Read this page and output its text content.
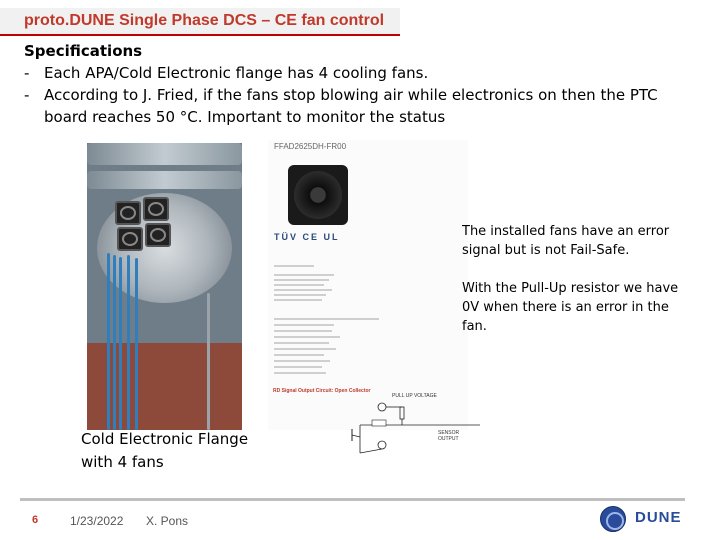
proto.DUNE Single Phase DCS – CE fan control
Specifications
- Each APA/Cold Electronic flange has 4 cooling fans.
- According to J. Fried, if the fans stop blowing air while electronics on then the PTC board reaches 50 °C. Important to monitor the status
Cold Electronic Flange with 4 fans
FFAD2625DH-FR00
TÜV CE UL
RD Signal Output Circuit: Open Collector
PULL UP VOLTAGE
SENSOR OUTPUT
The installed fans have an error signal but is not Fail-Safe.
With the Pull-Up resistor we have 0V when there is an error in the fan.
6	1/23/2022 X. Pons	DUNE
